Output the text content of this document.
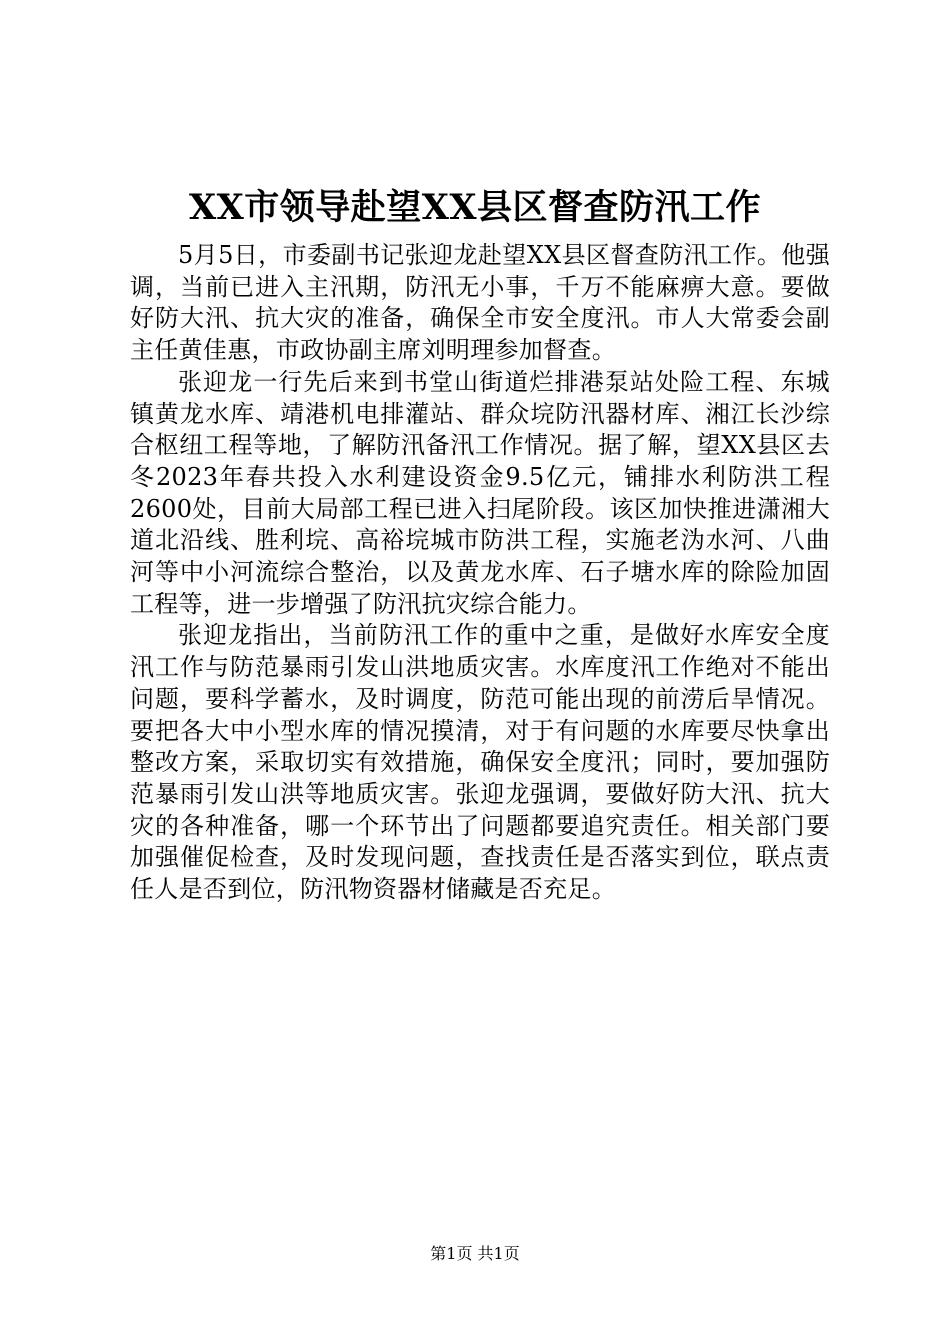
XX市领导赴望XX县区督查防汛工作

5月5日，市委副书记张迎龙赴望XX县区督查防汛工作。他强调，当前已进入主汛期，防汛无小事，千万不能麻痹大意。要做好防大汛、抗大灾的准备，确保全市安全度汛。市人大常委会副主任黄佳惠，市政协副主席刘明理参加督查。

张迎龙一行先后来到书堂山街道烂排港泵站处险工程、东城镇黄龙水库、靖港机电排灌站、群众垸防汛器材库、湘江长沙综合枢纽工程等地，了解防汛备汛工作情况。据了解，望XX县区去冬2023年春共投入水利建设资金9.5亿元，铺排水利防洪工程2600处，目前大局部工程已进入扫尾阶段。该区加快推进潇湘大道北沿线、胜利垸、高裕垸城市防洪工程，实施老沩水河、八曲河等中小河流综合整治，以及黄龙水库、石子塘水库的除险加固工程等，进一步增强了防汛抗灾综合能力。

张迎龙指出，当前防汛工作的重中之重，是做好水库安全度汛工作与防范暴雨引发山洪地质灾害。水库度汛工作绝对不能出问题，要科学蓄水，及时调度，防范可能出现的前涝后旱情况。要把各大中小型水库的情况摸清，对于有问题的水库要尽快拿出整改方案，采取切实有效措施，确保安全度汛；同时，要加强防范暴雨引发山洪等地质灾害。张迎龙强调，要做好防大汛、抗大灾的各种准备，哪一个环节出了问题都要追究责任。相关部门要加强催促检查，及时发现问题，查找责任是否落实到位，联点责任人是否到位，防汛物资器材储藏是否充足。

第1页 共1页
